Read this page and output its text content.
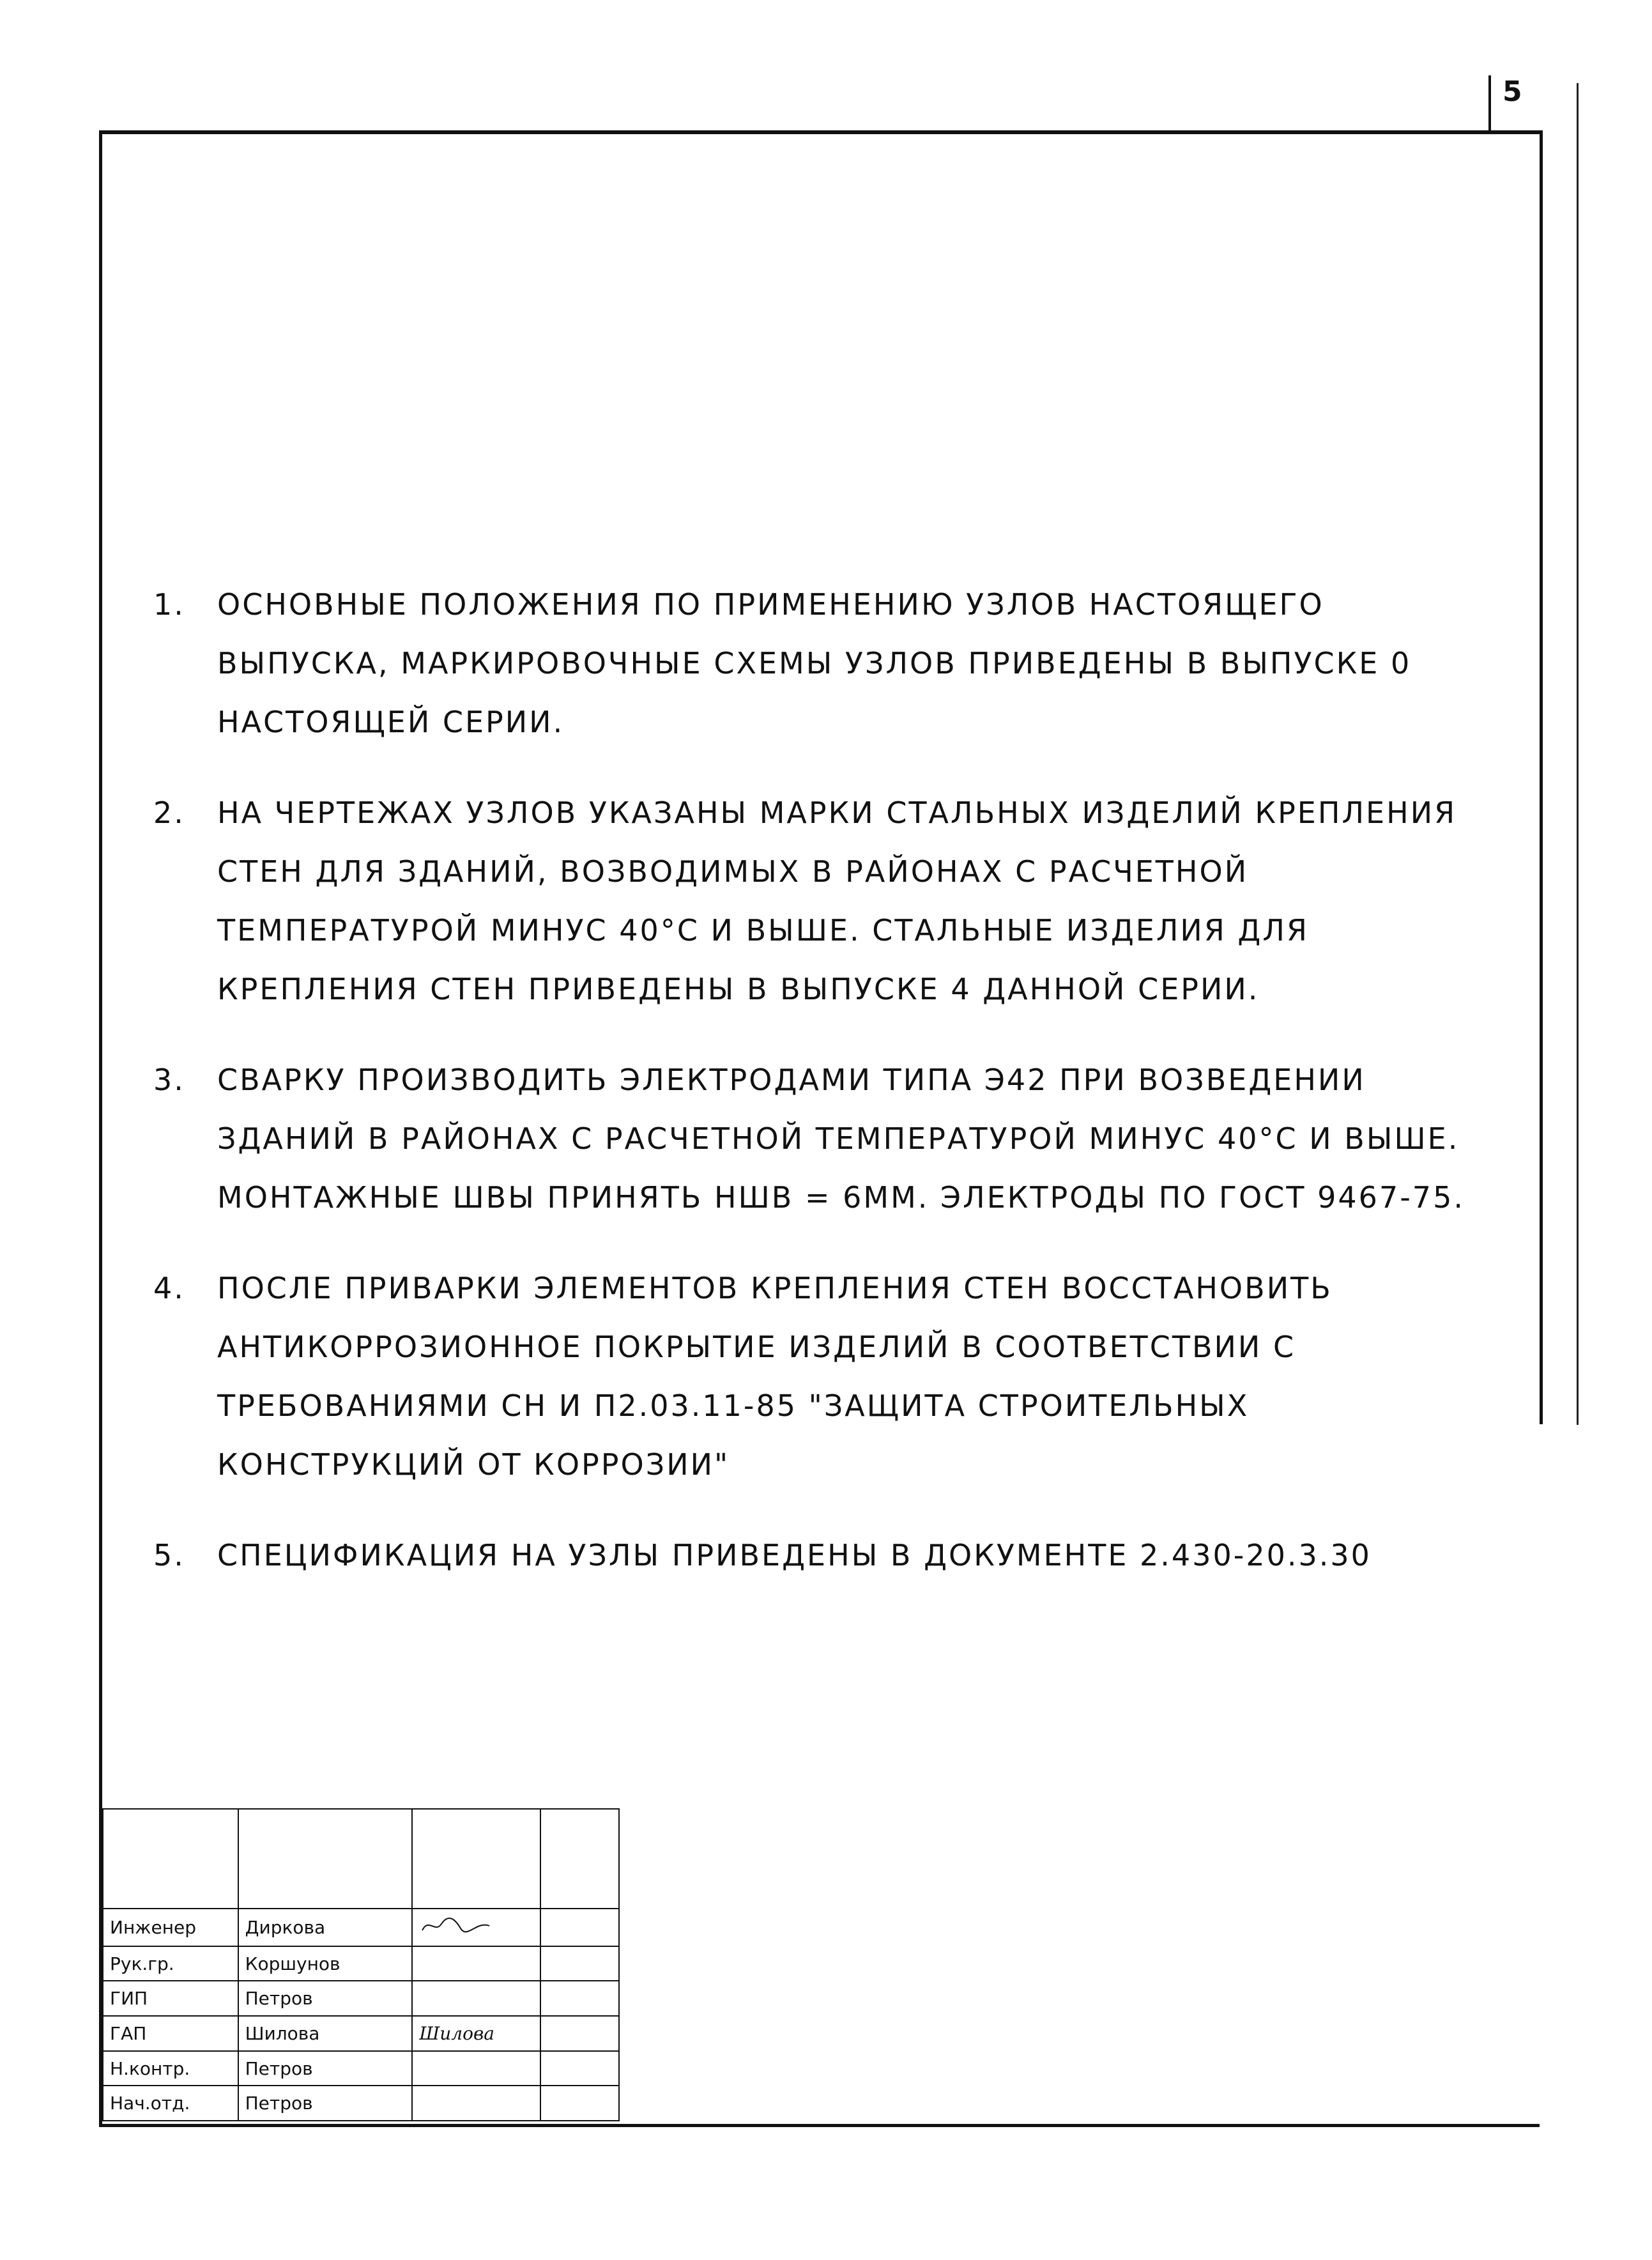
5
1.	ОСНОВНЫЕ ПОЛОЖЕНИЯ ПО ПРИМЕНЕНИЮ УЗЛОВ НАСТОЯЩЕГО ВЫПУСКА, МАРКИРОВОЧНЫЕ СХЕМЫ УЗЛОВ ПРИВЕДЕНЫ В ВЫПУСКЕ 0 НАСТОЯЩЕЙ СЕРИИ.
2.	НА ЧЕРТЕЖАХ УЗЛОВ УКАЗАНЫ МАРКИ СТАЛЬНЫХ ИЗДЕЛИЙ КРЕПЛЕНИЯ СТЕН ДЛЯ ЗДАНИЙ, ВОЗВОДИМЫХ В РАЙОНАХ С РАСЧЕТНОЙ ТЕМПЕРАТУРОЙ МИНУС 40°С И ВЫШЕ. СТАЛЬНЫЕ ИЗДЕЛИЯ ДЛЯ КРЕПЛЕНИЯ СТЕН ПРИВЕДЕНЫ В ВЫПУСКЕ 4 ДАННОЙ СЕРИИ.
3.	СВАРКУ ПРОИЗВОДИТЬ ЭЛЕКТРОДАМИ ТИПА Э42 ПРИ ВОЗВЕДЕНИИ ЗДАНИЙ В РАЙОНАХ С РАСЧЕТНОЙ ТЕМПЕРАТУРОЙ МИНУС 40°С И ВЫШЕ. МОНТАЖНЫЕ ШВЫ ПРИНЯТЬ HШВ = 6ММ. ЭЛЕКТРОДЫ ПО ГОСТ 9467-75.
4.	ПОСЛЕ ПРИВАРКИ ЭЛЕМЕНТОВ КРЕПЛЕНИЯ СТЕН ВОССТАНОВИТЬ АНТИКОРРОЗИОННОЕ ПОКРЫТИЕ ИЗДЕЛИЙ В СООТВЕТСТВИИ С ТРЕБОВАНИЯМИ СН И П2.03.11-85 "ЗАЩИТА СТРОИТЕЛЬНЫХ КОНСТРУКЦИЙ ОТ КОРРОЗИИ"
5.	СПЕЦИФИКАЦИЯ НА УЗЛЫ ПРИВЕДЕНЫ В ДОКУМЕНТЕ 2.430-20.3.30

Инженер	Диркова		
Рук.гр.	Коршунов		
ГИП	Петров		
ГАП	Шилова	Шилова	
Н.контр.	Петров		
Нач.отд.	Петров		
